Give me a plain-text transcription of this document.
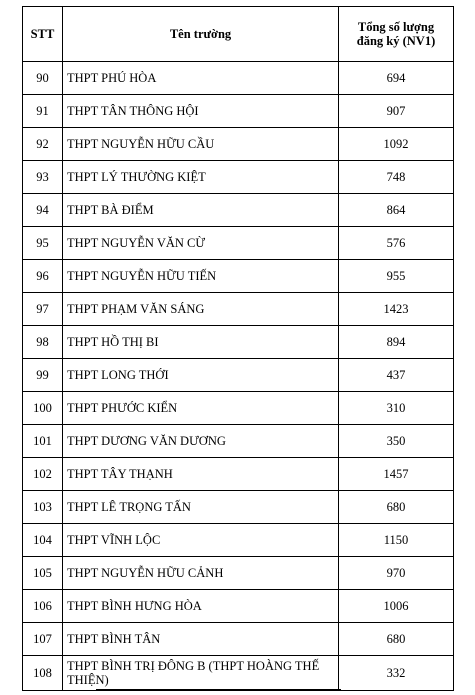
STT	Tên trường	Tổng số lượng
đăng ký (NV1)
90	THPT PHÚ HÒA	694
91	THPT TÂN THÔNG HỘI	907
92	THPT NGUYỄN HỮU CẦU	1092
93	THPT LÝ THƯỜNG KIỆT	748
94	THPT BÀ ĐIỂM	864
95	THPT NGUYỄN VĂN CỪ	576
96	THPT NGUYỄN HỮU TIẾN	955
97	THPT PHẠM VĂN SÁNG	1423
98	THPT HỒ THỊ BI	894
99	THPT LONG THỚI	437
100	THPT PHƯỚC KIỂN	310
101	THPT DƯƠNG VĂN DƯƠNG	350
102	THPT TÂY THẠNH	1457
103	THPT LÊ TRỌNG TẤN	680
104	THPT VĨNH LỘC	1150
105	THPT NGUYỄN HỮU CẢNH	970
106	THPT BÌNH HƯNG HÒA	1006
107	THPT BÌNH TÂN	680
108	THPT BÌNH TRỊ ĐÔNG B (THPT HOÀNG THẾ THIỆN)	332
